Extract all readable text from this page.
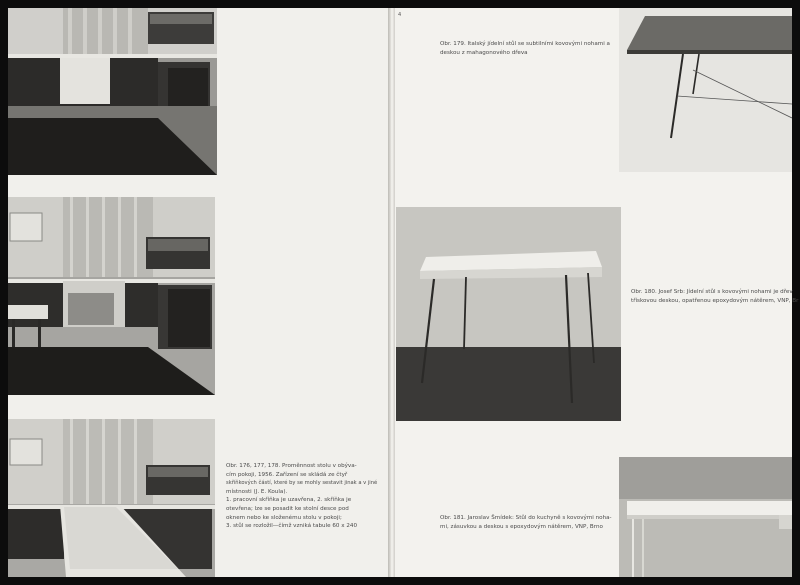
Obr. 176, 177, 178. Proměnnost stolu v obýva-
cím pokoji, 1956. Zařízení se skládá ze čtyř
skříňkových částí, které by se mohly sestavit jinak a v jiné
místnosti (J. E. Koula).
1. pracovní skříňka je uzavřena, 2. skříňka je
otevřena; lze se posadit ke stolní desce pod
oknem nebo ke složenému stolu v pokoji;
3. stůl se rozložil—čímž vzniká tabule 60 x 240
4
Obr. 179. Italský jídelní stůl se subtilními kovovými nohami a
deskou z mahagonového dřeva
Obr. 180. Josef Srb: Jídelní stůl s kovovými nohami je dřev
třískovou deskou, opatřenou epoxydovým nátěrem, VNP, Br
Obr. 181. Jaroslav Šmídek: Stůl do kuchyně s kovovými noha-
mi, zásuvkou a deskou s epoxydovým nátěrem, VNP, Brno
